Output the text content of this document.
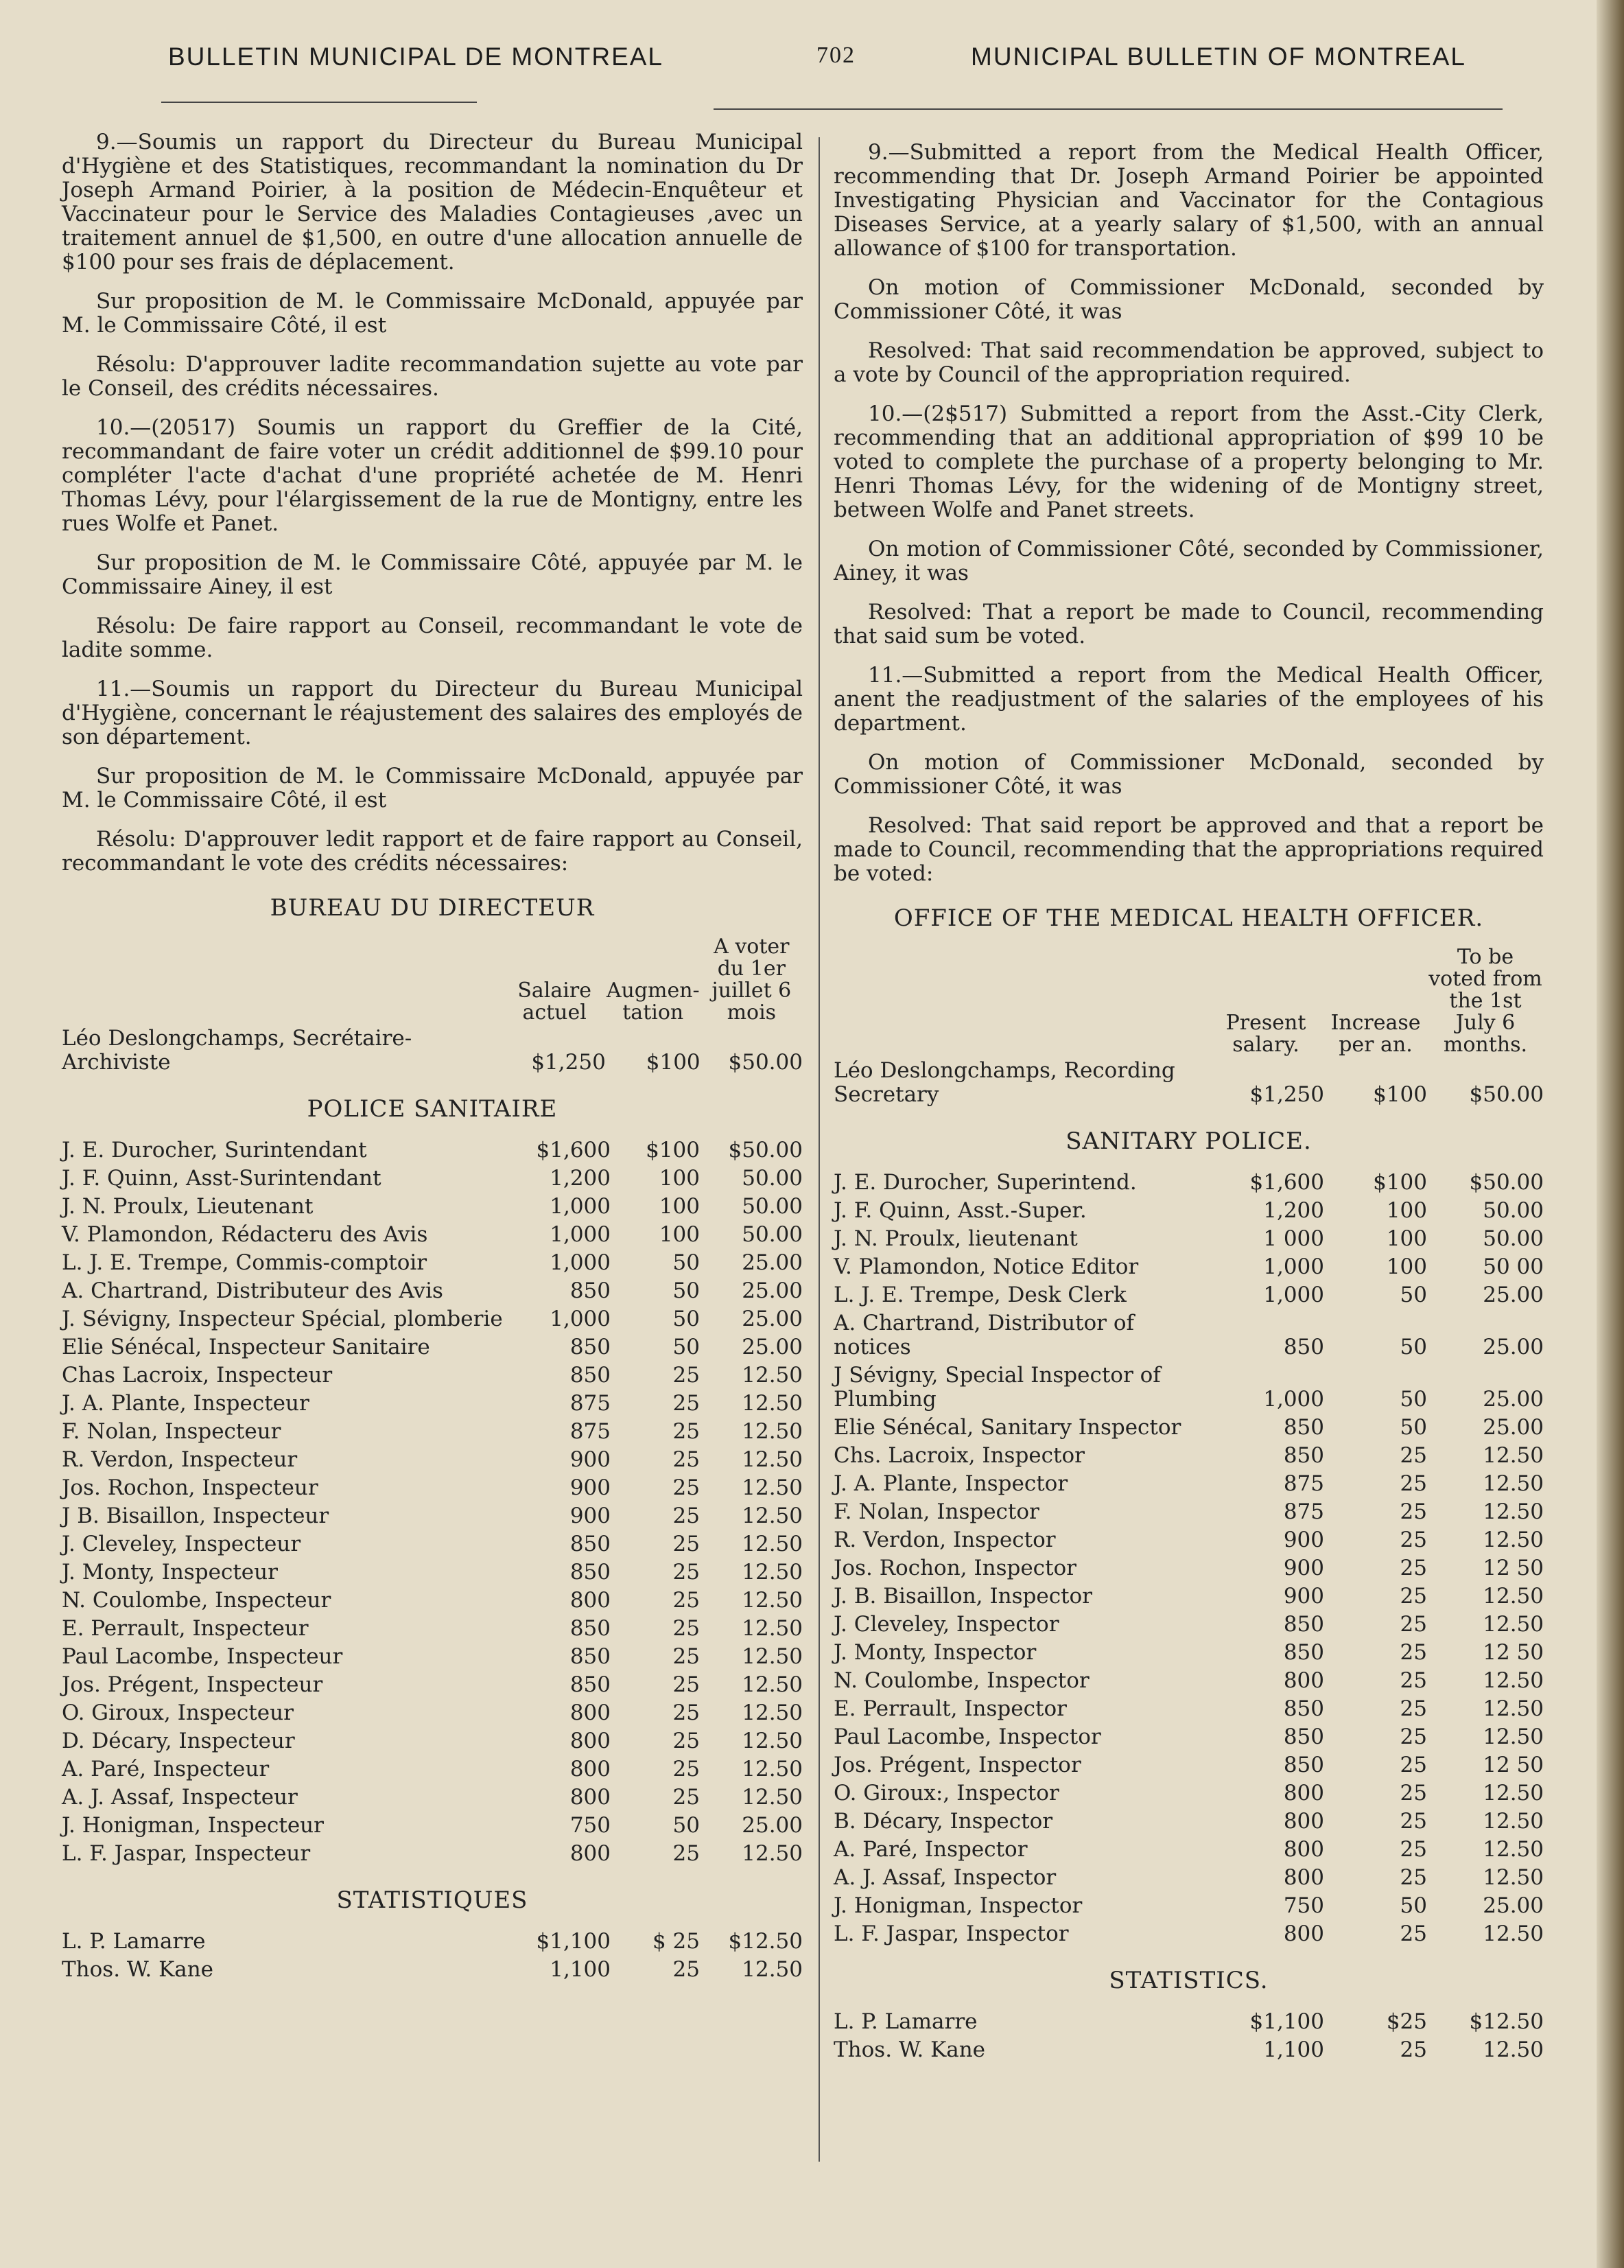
BULLETIN MUNICIPAL DE MONTREAL	702	MUNICIPAL BULLETIN OF MONTREAL

9.—Soumis un rapport du Directeur du Bureau Municipal d'Hygiène et des Statistiques, recommandant la nomination du Dr Joseph Armand Poirier, à la position de Médecin-Enquêteur et Vaccinateur pour le Service des Maladies Contagieuses ,avec un traitement annuel de $1,500, en outre d'une allocation annuelle de $100 pour ses frais de déplacement.

Sur proposition de M. le Commissaire McDonald, appuyée par M. le Commissaire Côté, il est

Résolu: D'approuver ladite recommandation sujette au vote par le Conseil, des crédits nécessaires.

10.—(20517) Soumis un rapport du Greffier de la Cité, recommandant de faire voter un crédit additionnel de $99.10 pour compléter l'acte d'achat d'une propriété achetée de M. Henri Thomas Lévy, pour l'élargissement de la rue de Montigny, entre les rues Wolfe et Panet.

Sur proposition de M. le Commissaire Côté, appuyée par M. le Commissaire Ainey, il est

Résolu: De faire rapport au Conseil, recommandant le vote de ladite somme.

11.—Soumis un rapport du Directeur du Bureau Municipal d'Hygiène, concernant le réajustement des salaires des employés de son département.

Sur proposition de M. le Commissaire McDonald, appuyée par M. le Commissaire Côté, il est

Résolu: D'approuver ledit rapport et de faire rapport au Conseil, recommandant le vote des crédits nécessaires:

BUREAU DU DIRECTEUR
	Salaire actuel	Augmen-tation	A voter du 1er juillet 6 mois
Léo Deslongchamps, Secrétaire-Archiviste	$1,250	$100	$50.00
POLICE SANITAIRE
J. E. Durocher, Surintendant	$1,600	$100	$50.00
J. F. Quinn, Asst-Surintendant	1,200	100	50.00
J. N. Proulx, Lieutenant	1,000	100	50.00
V. Plamondon, Rédacteru des Avis	1,000	100	50.00
L. J. E. Trempe, Commis-comptoir	1,000	50	25.00
A. Chartrand, Distributeur des Avis	850	50	25.00
J. Sévigny, Inspecteur Spécial, plomberie	1,000	50	25.00
Elie Sénécal, Inspecteur Sanitaire	850	50	25.00
Chas Lacroix, Inspecteur	850	25	12.50
J. A. Plante, Inspecteur	875	25	12.50
F. Nolan, Inspecteur	875	25	12.50
R. Verdon, Inspecteur	900	25	12.50
Jos. Rochon, Inspecteur	900	25	12.50
J B. Bisaillon, Inspecteur	900	25	12.50
J. Cleveley, Inspecteur	850	25	12.50
J. Monty, Inspecteur	850	25	12.50
N. Coulombe, Inspecteur	800	25	12.50
E. Perrault, Inspecteur	850	25	12.50
Paul Lacombe, Inspecteur	850	25	12.50
Jos. Prégent, Inspecteur	850	25	12.50
O. Giroux, Inspecteur	800	25	12.50
D. Décary, Inspecteur	800	25	12.50
A. Paré, Inspecteur	800	25	12.50
A. J. Assaf, Inspecteur	800	25	12.50
J. Honigman, Inspecteur	750	50	25.00
L. F. Jaspar, Inspecteur	800	25	12.50
STATISTIQUES
L. P. Lamarre	$1,100	$ 25	$12.50
Thos. W. Kane	1,100	25	12.50

9.—Submitted a report from the Medical Health Officer, recommending that Dr. Joseph Armand Poirier be appointed Investigating Physician and Vaccinator for the Contagious Diseases Service, at a yearly salary of $1,500, with an annual allowance of $100 for transportation.

On motion of Commissioner McDonald, seconded by Commissioner Côté, it was

Resolved: That said recommendation be approved, subject to a vote by Council of the appropriation required.

10.—(2$517) Submitted a report from the Asst.-City Clerk, recommending that an additional appropriation of $99 10 be voted to complete the purchase of a property belonging to Mr. Henri Thomas Lévy, for the widening of de Montigny street, between Wolfe and Panet streets.

On motion of Commissioner Côté, seconded by Commissioner, Ainey, it was

Resolved: That a report be made to Council, recommending that said sum be voted.

11.—Submitted a report from the Medical Health Officer, anent the readjustment of the salaries of the employees of his department.

On motion of Commissioner McDonald, seconded by Commissioner Côté, it was

Resolved: That said report be approved and that a report be made to Council, recommending that the appropriations required be voted:

OFFICE OF THE MEDICAL HEALTH OFFICER.
	Present salary.	Increase per an.	To be voted from the 1st July 6 months.
Léo Deslongchamps, Recording Secretary	$1,250	$100	$50.00
SANITARY POLICE.
J. E. Durocher, Superintend.	$1,600	$100	$50.00
J. F. Quinn, Asst.-Super.	1,200	100	50.00
J. N. Proulx, lieutenant	1 000	100	50.00
V. Plamondon, Notice Editor	1,000	100	50 00
L. J. E. Trempe, Desk Clerk	1,000	50	25.00
A. Chartrand, Distributor of notices	850	50	25.00
J Sévigny, Special Inspector of Plumbing	1,000	50	25.00
Elie Sénécal, Sanitary Inspector	850	50	25.00
Chs. Lacroix, Inspector	850	25	12.50
J. A. Plante, Inspector	875	25	12.50
F. Nolan, Inspector	875	25	12.50
R. Verdon, Inspector	900	25	12.50
Jos. Rochon, Inspector	900	25	12 50
J. B. Bisaillon, Inspector	900	25	12.50
J. Cleveley, Inspector	850	25	12.50
J. Monty, Inspector	850	25	12 50
N. Coulombe, Inspector	800	25	12.50
E. Perrault, Inspector	850	25	12.50
Paul Lacombe, Inspector	850	25	12.50
Jos. Prégent, Inspector	850	25	12 50
O. Giroux:, Inspector	800	25	12.50
B. Décary, Inspector	800	25	12.50
A. Paré, Inspector	800	25	12.50
A. J. Assaf, Inspector	800	25	12.50
J. Honigman, Inspector	750	50	25.00
L. F. Jaspar, Inspector	800	25	12.50
STATISTICS.
L. P. Lamarre	$1,100	$25	$12.50
Thos. W. Kane	1,100	25	12.50
